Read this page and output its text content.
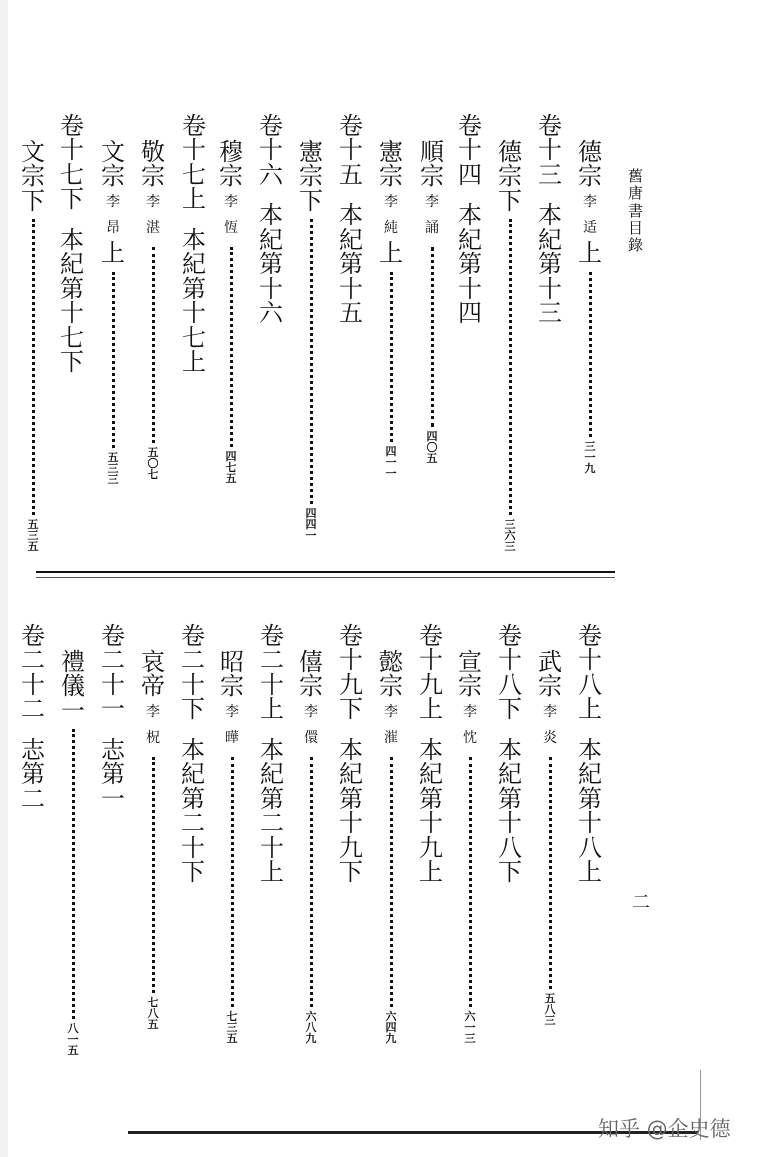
舊
唐
書
目
錄
德
宗
李
适
上
三
一
九
卷
十
三
本
紀
第
十
三
德
宗
下
三
六
三
卷
十
四
本
紀
第
十
四
順
宗
李
誦
四
〇
五
憲
宗
李
純
上
四
一
一
卷
十
五
本
紀
第
十
五
憲
宗
下
四
四
一
卷
十
六
本
紀
第
十
六
穆
宗
李
恆
四
七
五
卷
十
七
上
本
紀
第
十
七
上
敬
宗
李
湛
五
〇
七
文
宗
李
昂
上
五
三
三
卷
十
七
下
本
紀
第
十
七
下
文
宗
下
五
三
五
卷
十
八
上
本
紀
第
十
八
上
武
宗
李
炎
五
八
三
卷
十
八
下
本
紀
第
十
八
下
宣
宗
李
忱
六
一
三
卷
十
九
上
本
紀
第
十
九
上
懿
宗
李
漼
六
四
九
卷
十
九
下
本
紀
第
十
九
下
僖
宗
李
儇
六
八
九
卷
二
十
上
本
紀
第
二
十
上
昭
宗
李
曄
七
三
五
卷
二
十
下
本
紀
第
二
十
下
哀
帝
李
柷
七
八
五
卷
二
十
一
志
第
一
禮
儀
一
八
一
五
卷
二
十
二
志
第
二
二
知乎 @企史德
